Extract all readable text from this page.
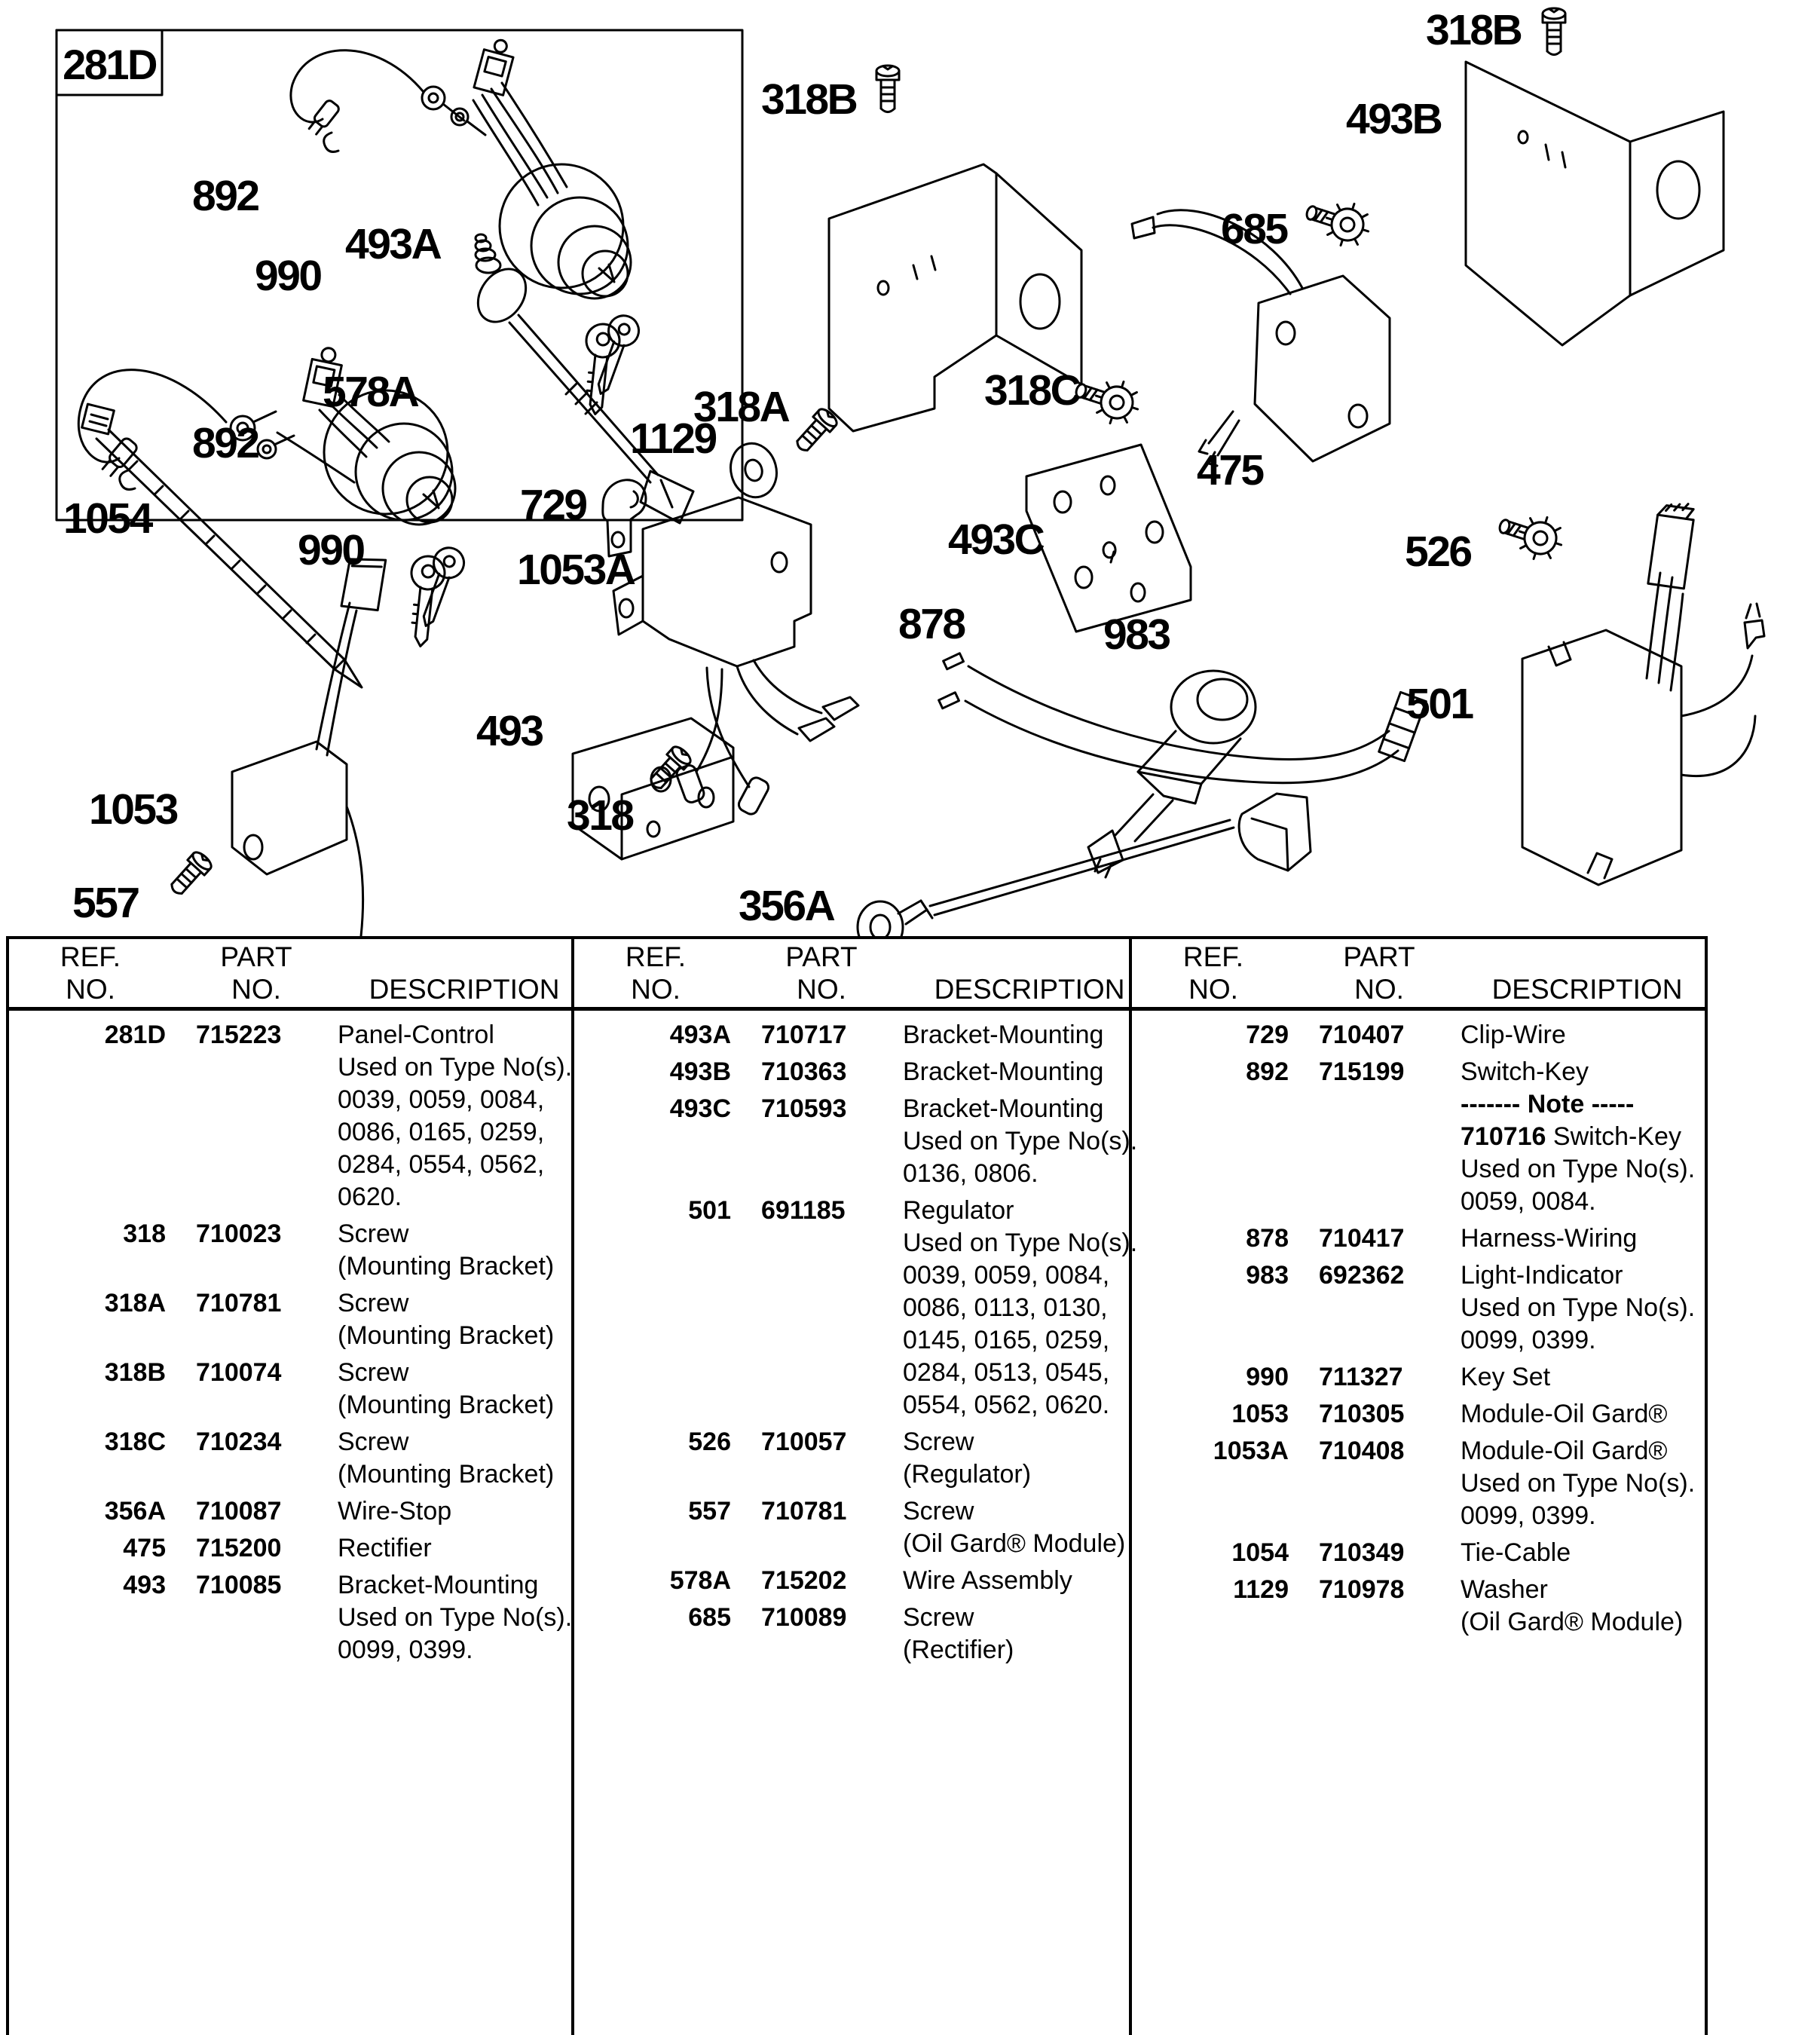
281D
892
990
493A
318B
318B
493B
685
318C
475
493C
578A
892
1054
990
318A
1129
729
1053A
493
318
983
526
501
878
1053
557	356A
REF.
NO.
PART
NO.
	DESCRIPTION
281D 715223	Panel-Control
Used on Type No(s).
0039, 0059, 0084,
0086, 0165, 0259,
0284, 0554, 0562,
0620.
318 710023	Screw
(Mounting Bracket)
318A 710781	Screw
(Mounting Bracket)
318B 710074	Screw
(Mounting Bracket)
318C 710234	Screw
(Mounting Bracket)
356A 710087	Wire-Stop
475 715200	Rectifier
493 710085	Bracket-Mounting
Used on Type No(s).
0099, 0399.
REF.
NO.
PART
NO.
	DESCRIPTION
493A 710717	Bracket-Mounting
493B 710363	Bracket-Mounting
493C 710593	Bracket-Mounting
Used on Type No(s).
0136, 0806.
501 691185	Regulator
Used on Type No(s).
0039, 0059, 0084,
0086, 0113, 0130,
0145, 0165, 0259,
0284, 0513, 0545,
0554, 0562, 0620.
526 710057	Screw
(Regulator)
557 710781	Screw
(Oil Gard® Module)
578A 715202	Wire Assembly
685 710089	Screw
(Rectifier)
REF.
NO.
PART
NO.
	DESCRIPTION
729 710407	Clip-Wire
892 715199	Switch-Key
------- Note -----
710716 Switch-Key
Used on Type No(s).
0059, 0084.
878 710417	Harness-Wiring
983 692362	Light-Indicator
Used on Type No(s).
0099, 0399.
990 711327	Key Set
1053 710305	Module-Oil Gard®
1053A 710408	Module-Oil Gard®
Used on Type No(s).
0099, 0399.
1054 710349	Tie-Cable
1129 710978	Washer
(Oil Gard® Module)
